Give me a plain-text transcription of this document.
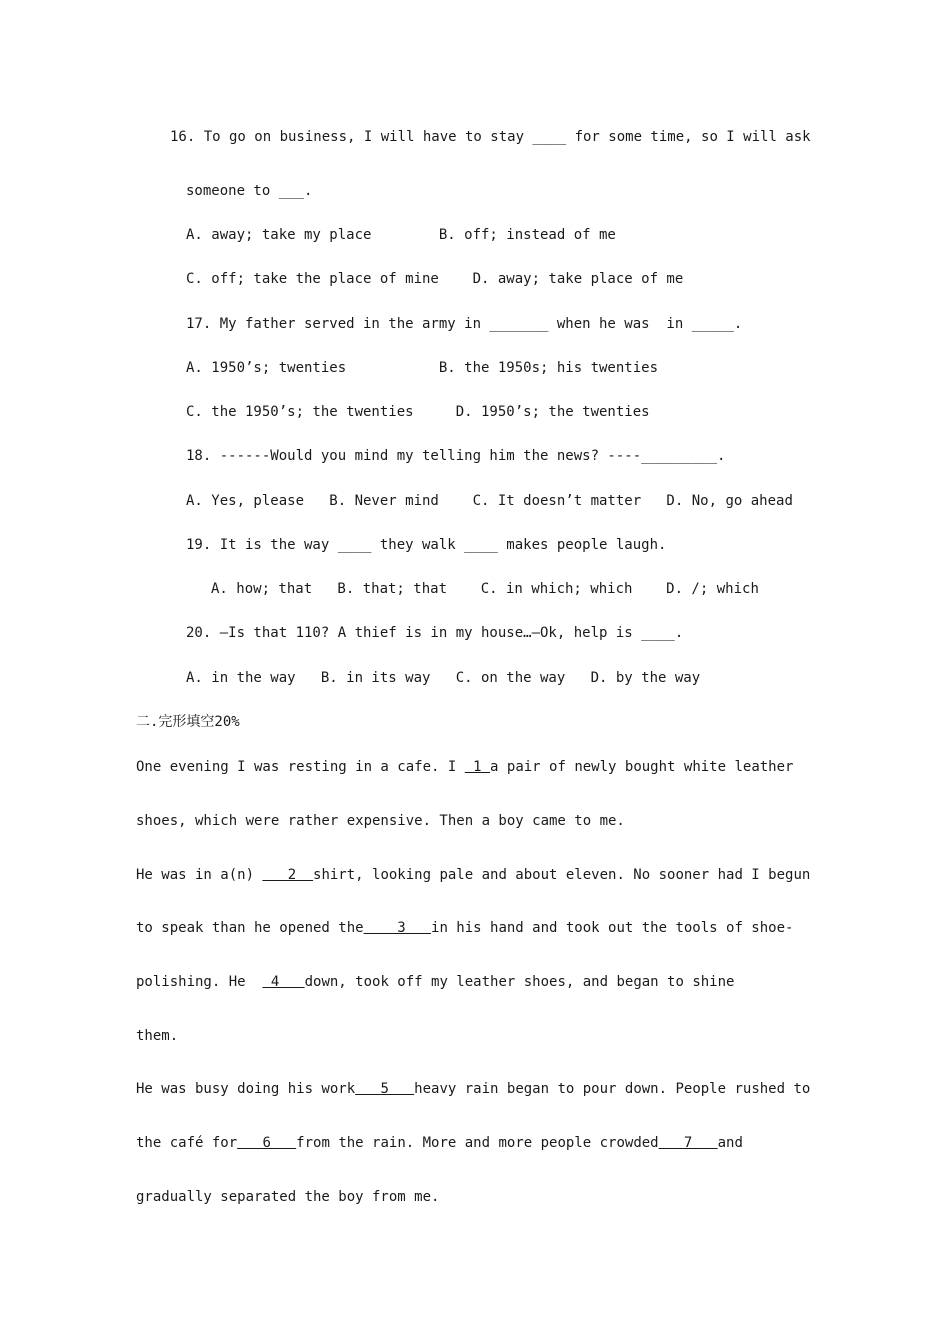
16. To go on business, I will have to stay ____ for some time, so I will ask
someone to ___.
A. away; take my place        B. off; instead of me
C. off; take the place of mine    D. away; take place of me
17. My father served in the army in _______ when he was  in _____.
A. 1950’s; twenties           B. the 1950s; his twenties
C. the 1950’s; the twenties     D. 1950’s; the twenties
18. ------Would you mind my telling him the news? ----_________.
A. Yes, please   B. Never mind    C. It doesn’t matter   D. No, go ahead
19. It is the way ____ they walk ____ makes people laugh.
A. how; that   B. that; that    C. in which; which    D. /; which
20. —Is that 110? A thief is in my house…—Ok, help is ____.
A. in the way   B. in its way   C. on the way   D. by the way
二.完形填空20%
One evening I was resting in a cafe. I  1 a pair of newly bought white leather
shoes, which were rather expensive. Then a boy came to me.
He was in a(n)    2  shirt, looking pale and about eleven. No sooner had I begun
to speak than he opened the    3   in his hand and took out the tools of shoe-
polishing. He   4   down, took off my leather shoes, and began to shine
them.
He was busy doing his work   5   heavy rain began to pour down. People rushed to
the café for   6   from the rain. More and more people crowded   7   and
gradually separated the boy from me.
